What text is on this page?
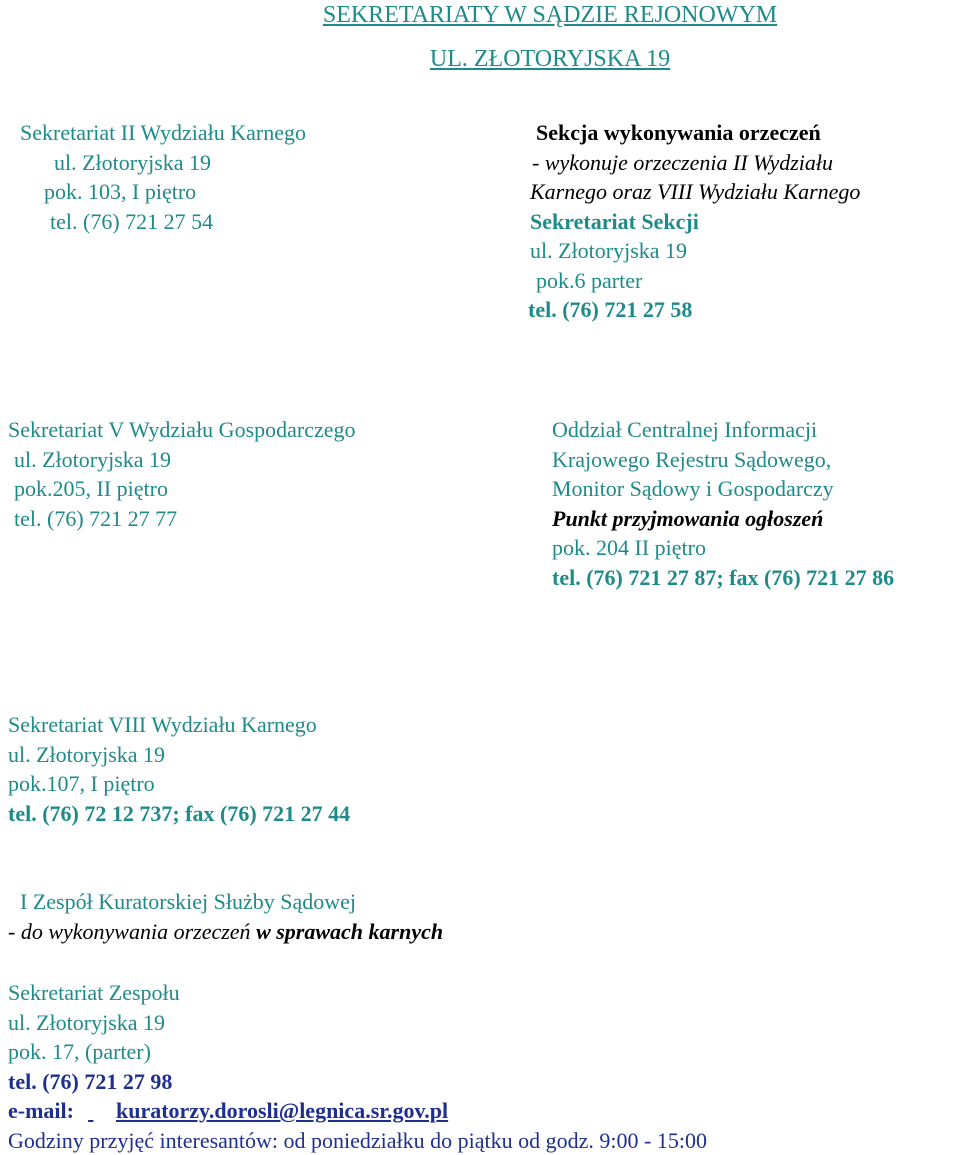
SEKRETARIATY W SĄDZIE REJONOWYM
UL. ZŁOTORYJSKA 19
Sekretariat II Wydziału Karnego
ul. Złotoryjska 19
pok. 103, I piętro
tel. (76) 721 27 54
Sekcja wykonywania orzeczeń
- wykonuje orzeczenia II Wydziału
Karnego oraz VIII Wydziału Karnego
Sekretariat Sekcji
ul. Złotoryjska 19
pok.6 parter
tel. (76) 721 27 58
Sekretariat V Wydziału Gospodarczego
ul. Złotoryjska 19
pok.205, II piętro
tel. (76) 721 27 77
Oddział Centralnej Informacji
Krajowego Rejestru Sądowego,
Monitor Sądowy i Gospodarczy
Punkt przyjmowania ogłoszeń
pok. 204 II piętro
tel. (76) 721 27 87; fax (76) 721 27 86
Sekretariat VIII Wydziału Karnego
ul. Złotoryjska 19
pok.107, I piętro
tel. (76) 72 12 737; fax (76) 721 27 44
I Zespół Kuratorskiej Służby Sądowej
- do wykonywania orzeczeń w sprawach karnych
Sekretariat Zespołu
ul. Złotoryjska 19
pok. 17, (parter)
tel. (76) 721 27 98
e-mail: kuratorzy.dorosli@legnica.sr.gov.pl
Godziny przyjęć interesantów: od poniedziałku do piątku od godz. 9:00 - 15:00
